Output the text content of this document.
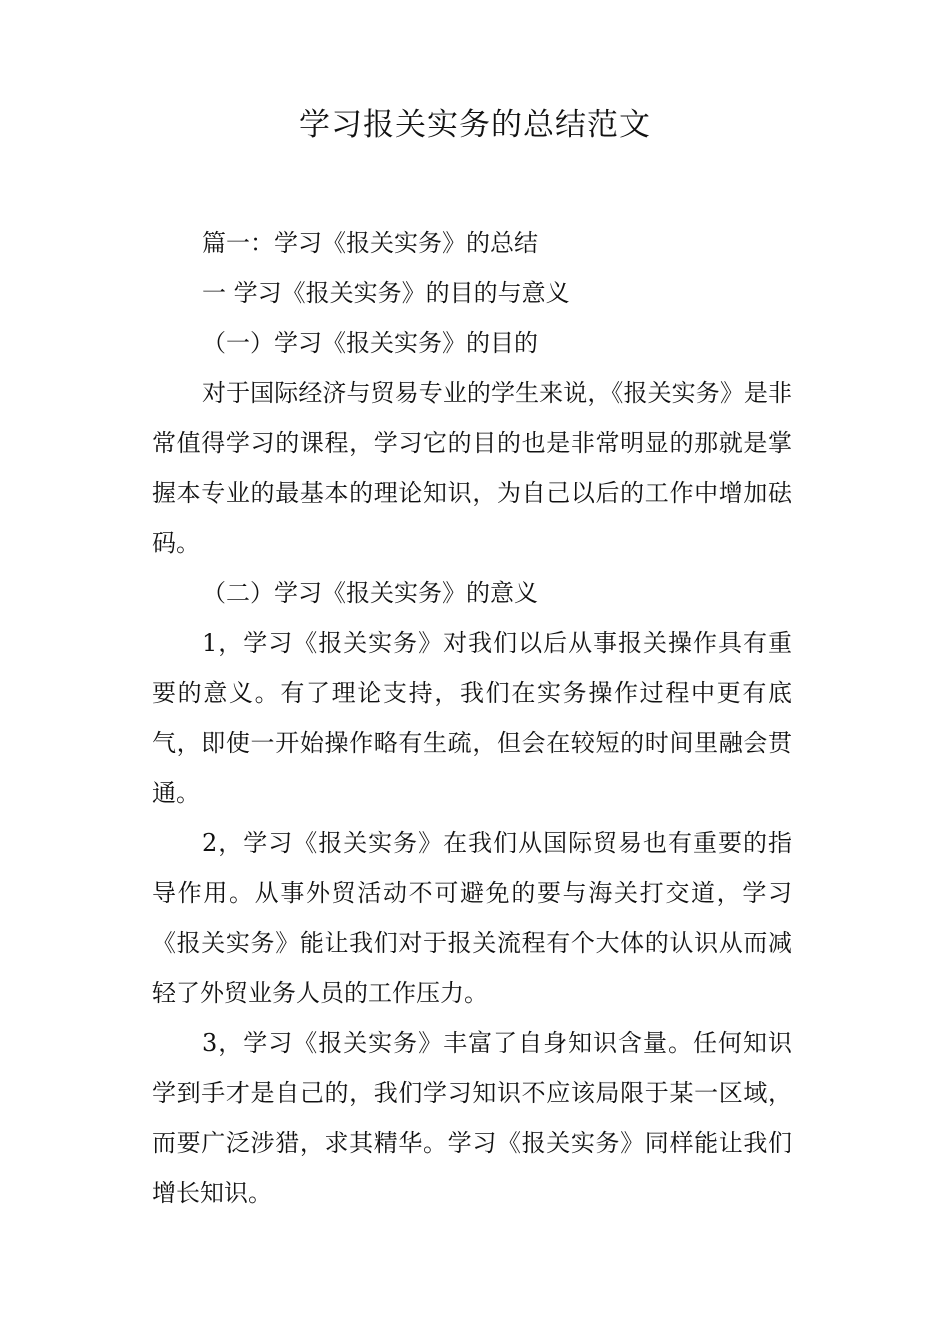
学习报关实务的总结范文

篇一：学习《报关实务》的总结

一 学习《报关实务》的目的与意义

（一）学习《报关实务》的目的

对于国际经济与贸易专业的学生来说，《报关实务》是非常值得学习的课程，学习它的目的也是非常明显的那就是掌握本专业的最基本的理论知识，为自己以后的工作中增加砝码。

（二）学习《报关实务》的意义

1，学习《报关实务》对我们以后从事报关操作具有重要的意义。有了理论支持，我们在实务操作过程中更有底气，即使一开始操作略有生疏，但会在较短的时间里融会贯通。

2，学习《报关实务》在我们从国际贸易也有重要的指导作用。从事外贸活动不可避免的要与海关打交道，学习《报关实务》能让我们对于报关流程有个大体的认识从而减轻了外贸业务人员的工作压力。

3，学习《报关实务》丰富了自身知识含量。任何知识学到手才是自己的，我们学习知识不应该局限于某一区域，而要广泛涉猎，求其精华。学习《报关实务》同样能让我们增长知识。
